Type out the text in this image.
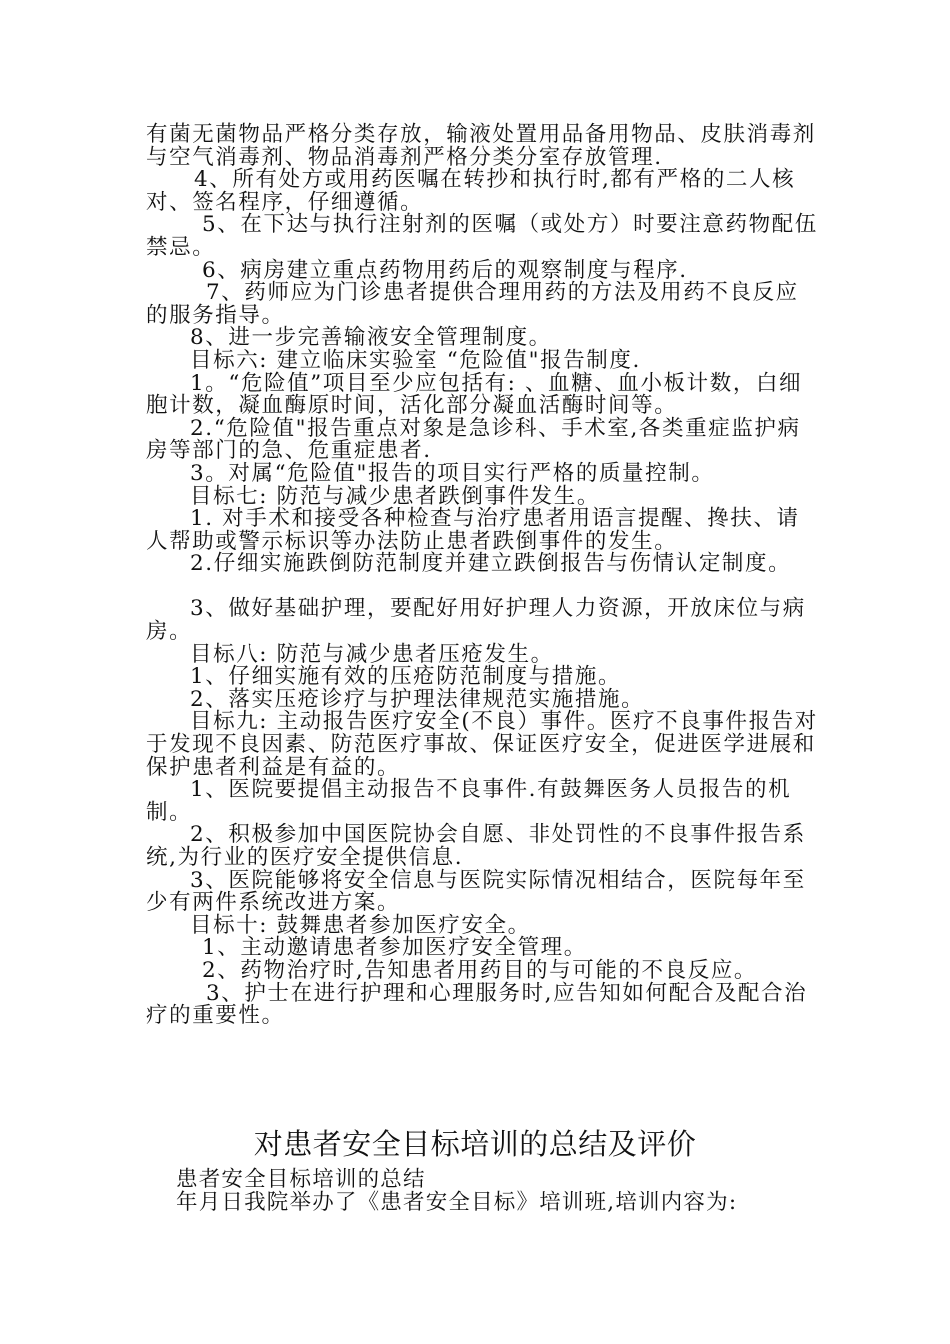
有菌无菌物品严格分类存放，输液处置用品备用物品、皮肤消毒剂与空气消毒剂、物品消毒剂严格分类分室存放管理.

4、所有处方或用药医嘱在转抄和执行时,都有严格的二人核对、签名程序，仔细遵循。

5、在下达与执行注射剂的医嘱（或处方）时要注意药物配伍禁忌。

6、病房建立重点药物用药后的观察制度与程序.

7、药师应为门诊患者提供合理用药的方法及用药不良反应的服务指导。

8、进一步完善输液安全管理制度。

目标六: 建立临床实验室 “危险值"报告制度.

1。“危险值”项目至少应包括有: 、血糖、血小板计数，白细胞计数，凝血酶原时间，活化部分凝血活酶时间等。

2.“危险值"报告重点对象是急诊科、手术室,各类重症监护病房等部门的急、危重症患者.

3。对属“危险值"报告的项目实行严格的质量控制。

目标七: 防范与减少患者跌倒事件发生。

1. 对手术和接受各种检查与治疗患者用语言提醒、搀扶、请人帮助或警示标识等办法防止患者跌倒事件的发生。

2.仔细实施跌倒防范制度并建立跌倒报告与伤情认定制度。

3、做好基础护理，要配好用好护理人力资源，开放床位与病房。

目标八: 防范与减少患者压疮发生。

1、仔细实施有效的压疮防范制度与措施。

2、落实压疮诊疗与护理法律规范实施措施。

目标九: 主动报告医疗安全(不良）事件。医疗不良事件报告对于发现不良因素、防范医疗事故、保证医疗安全，促进医学进展和保护患者利益是有益的。

1、医院要提倡主动报告不良事件.有鼓舞医务人员报告的机制。

2、积极参加中国医院协会自愿、非处罚性的不良事件报告系统,为行业的医疗安全提供信息.

3、医院能够将安全信息与医院实际情况相结合，医院每年至少有两件系统改进方案。

目标十: 鼓舞患者参加医疗安全。

1、主动邀请患者参加医疗安全管理。

2、药物治疗时,告知患者用药目的与可能的不良反应。

3、护士在进行护理和心理服务时,应告知如何配合及配合治疗的重要性。

对患者安全目标培训的总结及评价

患者安全目标培训的总结

年月日我院举办了《患者安全目标》培训班,培训内容为:
